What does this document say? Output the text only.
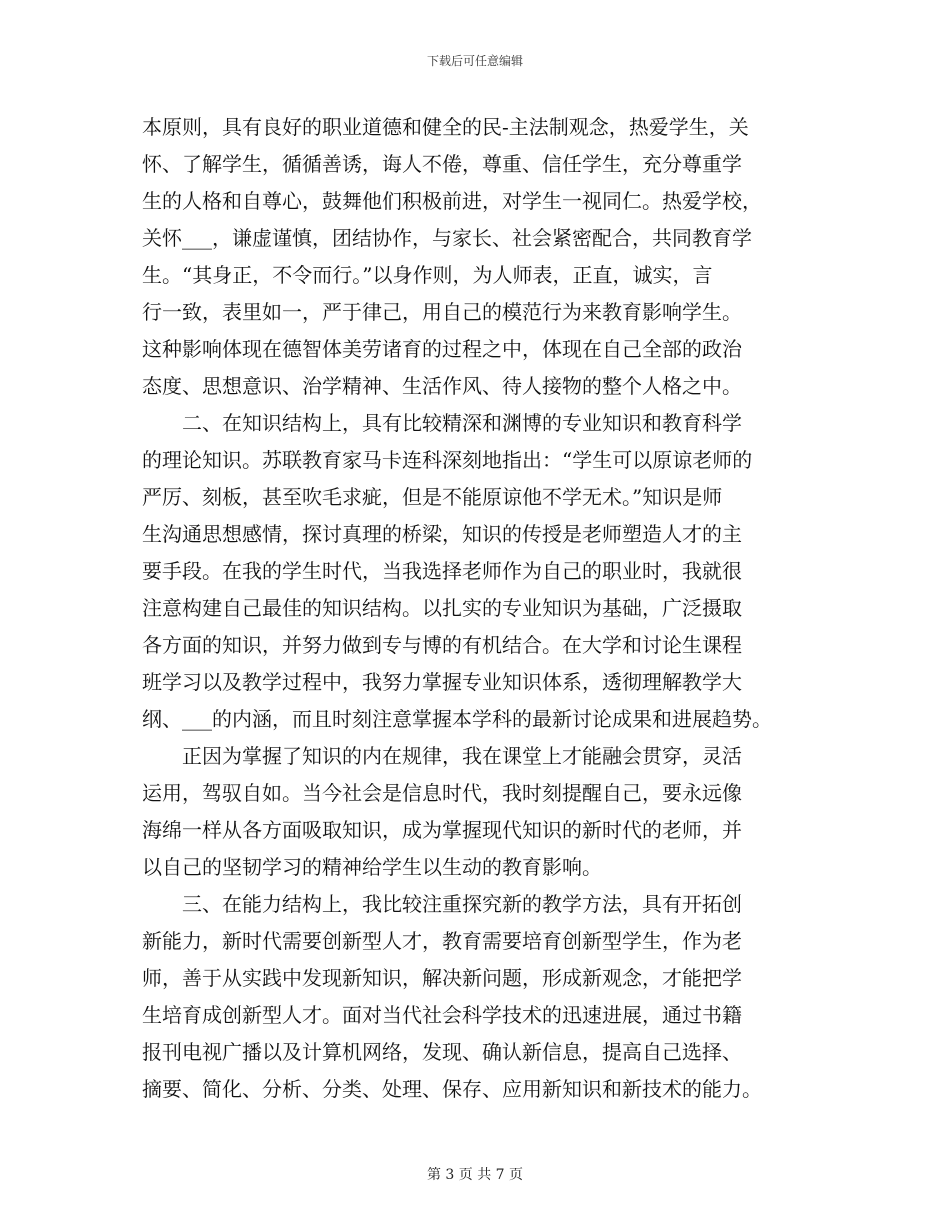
下载后可任意编辑
本原则，具有良好的职业道德和健全的民-主法制观念，热爱学生，关
怀、了解学生，循循善诱，诲人不倦，尊重、信任学生，充分尊重学
生的人格和自尊心，鼓舞他们积极前进，对学生一视同仁。热爱学校，
关怀___，谦虚谨慎，团结协作，与家长、社会紧密配合，共同教育学
生。“其身正，不令而行。”以身作则，为人师表，正直，诚实，言
行一致，表里如一，严于律己，用自己的模范行为来教育影响学生。
这种影响体现在德智体美劳诸育的过程之中，体现在自己全部的政治
态度、思想意识、治学精神、生活作风、待人接物的整个人格之中。
　　二、在知识结构上，具有比较精深和渊博的专业知识和教育科学
的理论知识。苏联教育家马卡连科深刻地指出：“学生可以原谅老师的
严厉、刻板，甚至吹毛求疵，但是不能原谅他不学无术。”知识是师
生沟通思想感情，探讨真理的桥梁，知识的传授是老师塑造人才的主
要手段。在我的学生时代，当我选择老师作为自己的职业时，我就很
注意构建自己最佳的知识结构。以扎实的专业知识为基础，广泛摄取
各方面的知识，并努力做到专与博的有机结合。在大学和讨论生课程
班学习以及教学过程中，我努力掌握专业知识体系，透彻理解教学大
纲、___的内涵，而且时刻注意掌握本学科的最新讨论成果和进展趋势。
　　正因为掌握了知识的内在规律，我在课堂上才能融会贯穿，灵活
运用，驾驭自如。当今社会是信息时代，我时刻提醒自己，要永远像
海绵一样从各方面吸取知识，成为掌握现代知识的新时代的老师，并
以自己的坚韧学习的精神给学生以生动的教育影响。
　　三、在能力结构上，我比较注重探究新的教学方法，具有开拓创
新能力，新时代需要创新型人才，教育需要培育创新型学生，作为老
师，善于从实践中发现新知识，解决新问题，形成新观念，才能把学
生培育成创新型人才。面对当代社会科学技术的迅速进展，通过书籍
报刊电视广播以及计算机网络，发现、确认新信息，提高自己选择、
摘要、简化、分析、分类、处理、保存、应用新知识和新技术的能力。
第 3 页 共 7 页
